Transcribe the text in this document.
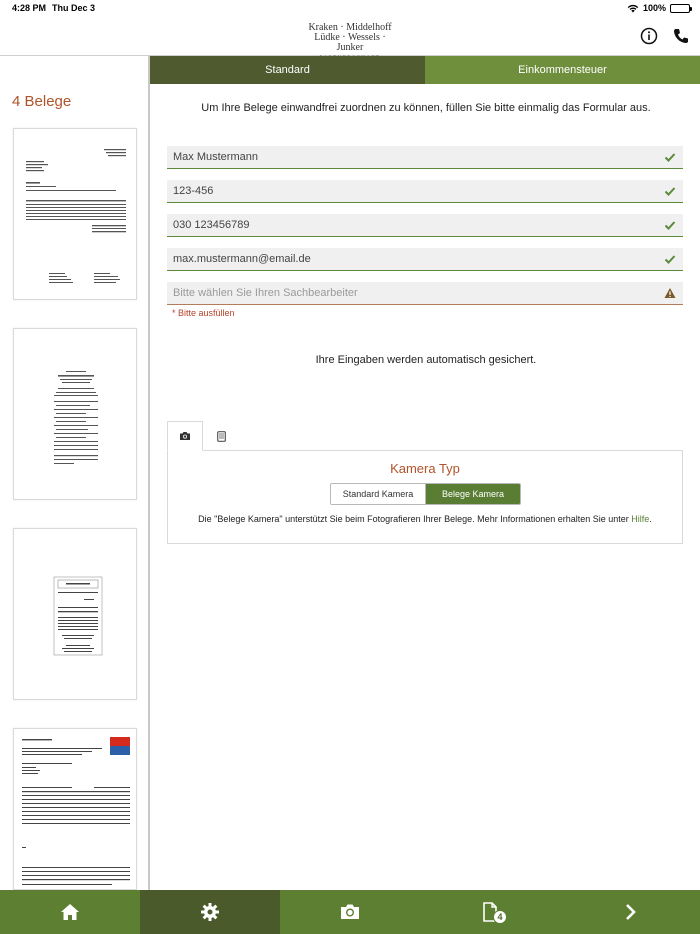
4:28 PM Thu Dec 3	100%
Kraken · Middelhoff
Lüdke · Wessels · Junker
4 Belege
Standard	Einkommensteuer
Um Ihre Belege einwandfrei zuordnen zu können, füllen Sie bitte einmalig das Formular aus.
Max Mustermann
123-456
030 123456789
max.mustermann@email.de
Bitte wählen Sie Ihren Sachbearbeiter
* Bitte ausfüllen
Ihre Eingaben werden automatisch gesichert.
Kamera Typ
Standard Kamera	Belege Kamera
Die "Belege Kamera" unterstützt Sie beim Fotografieren Ihrer Belege. Mehr Informationen erhalten Sie unter Hilfe.
4
